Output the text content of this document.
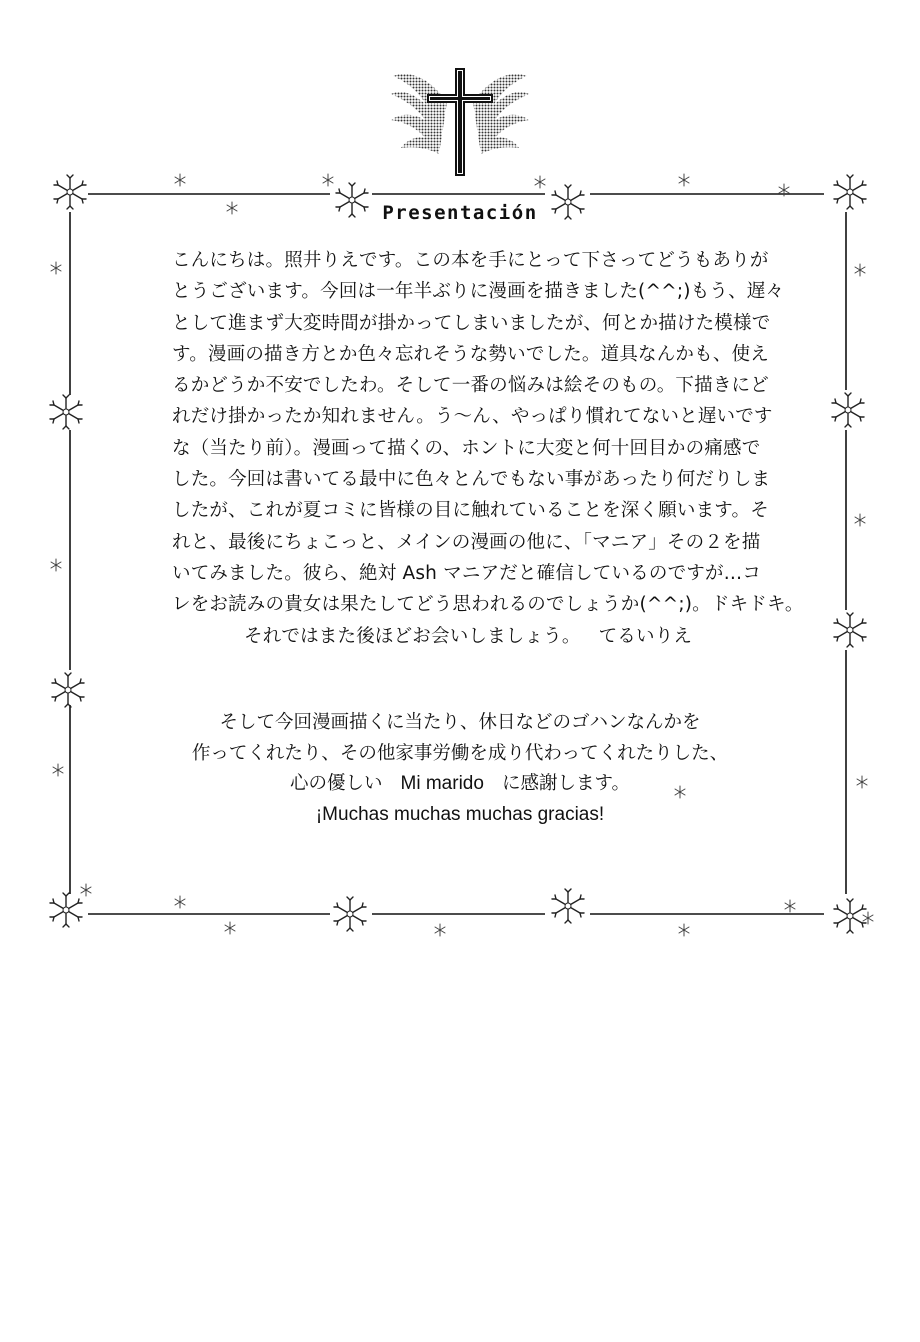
Presentación
こんにちは。照井りえです。この本を手にとって下さってどうもありが
とうございます。今回は一年半ぶりに漫画を描きました(^^;)もう、遅々
として進まず大変時間が掛かってしまいましたが、何とか描けた模様で
す。漫画の描き方とか色々忘れそうな勢いでした。道具なんかも、使え
るかどうか不安でしたわ。そして一番の悩みは絵そのもの。下描きにど
れだけ掛かったか知れません。う～ん、やっぱり慣れてないと遅いです
な（当たり前）。漫画って描くの、ホントに大変と何十回目かの痛感で
した。今回は書いてる最中に色々とんでもない事があったり何だりしま
したが、これが夏コミに皆様の目に触れていることを深く願います。そ
れと、最後にちょこっと、メインの漫画の他に、「マニア」その２を描
いてみました。彼ら、絶対 Ash マニアだと確信しているのですが…コ
レをお読みの貴女は果たしてどう思われるのでしょうか(^^;)。ドキドキ。
それではまた後ほどお会いしましょう。 てるいりえ
そして今回漫画描くに当たり、休日などのゴハンなんかを
作ってくれたり、その他家事労働を成り代わってくれたりした、
心の優しい Mi marido に感謝します。
¡Muchas muchas muchas gracias!
